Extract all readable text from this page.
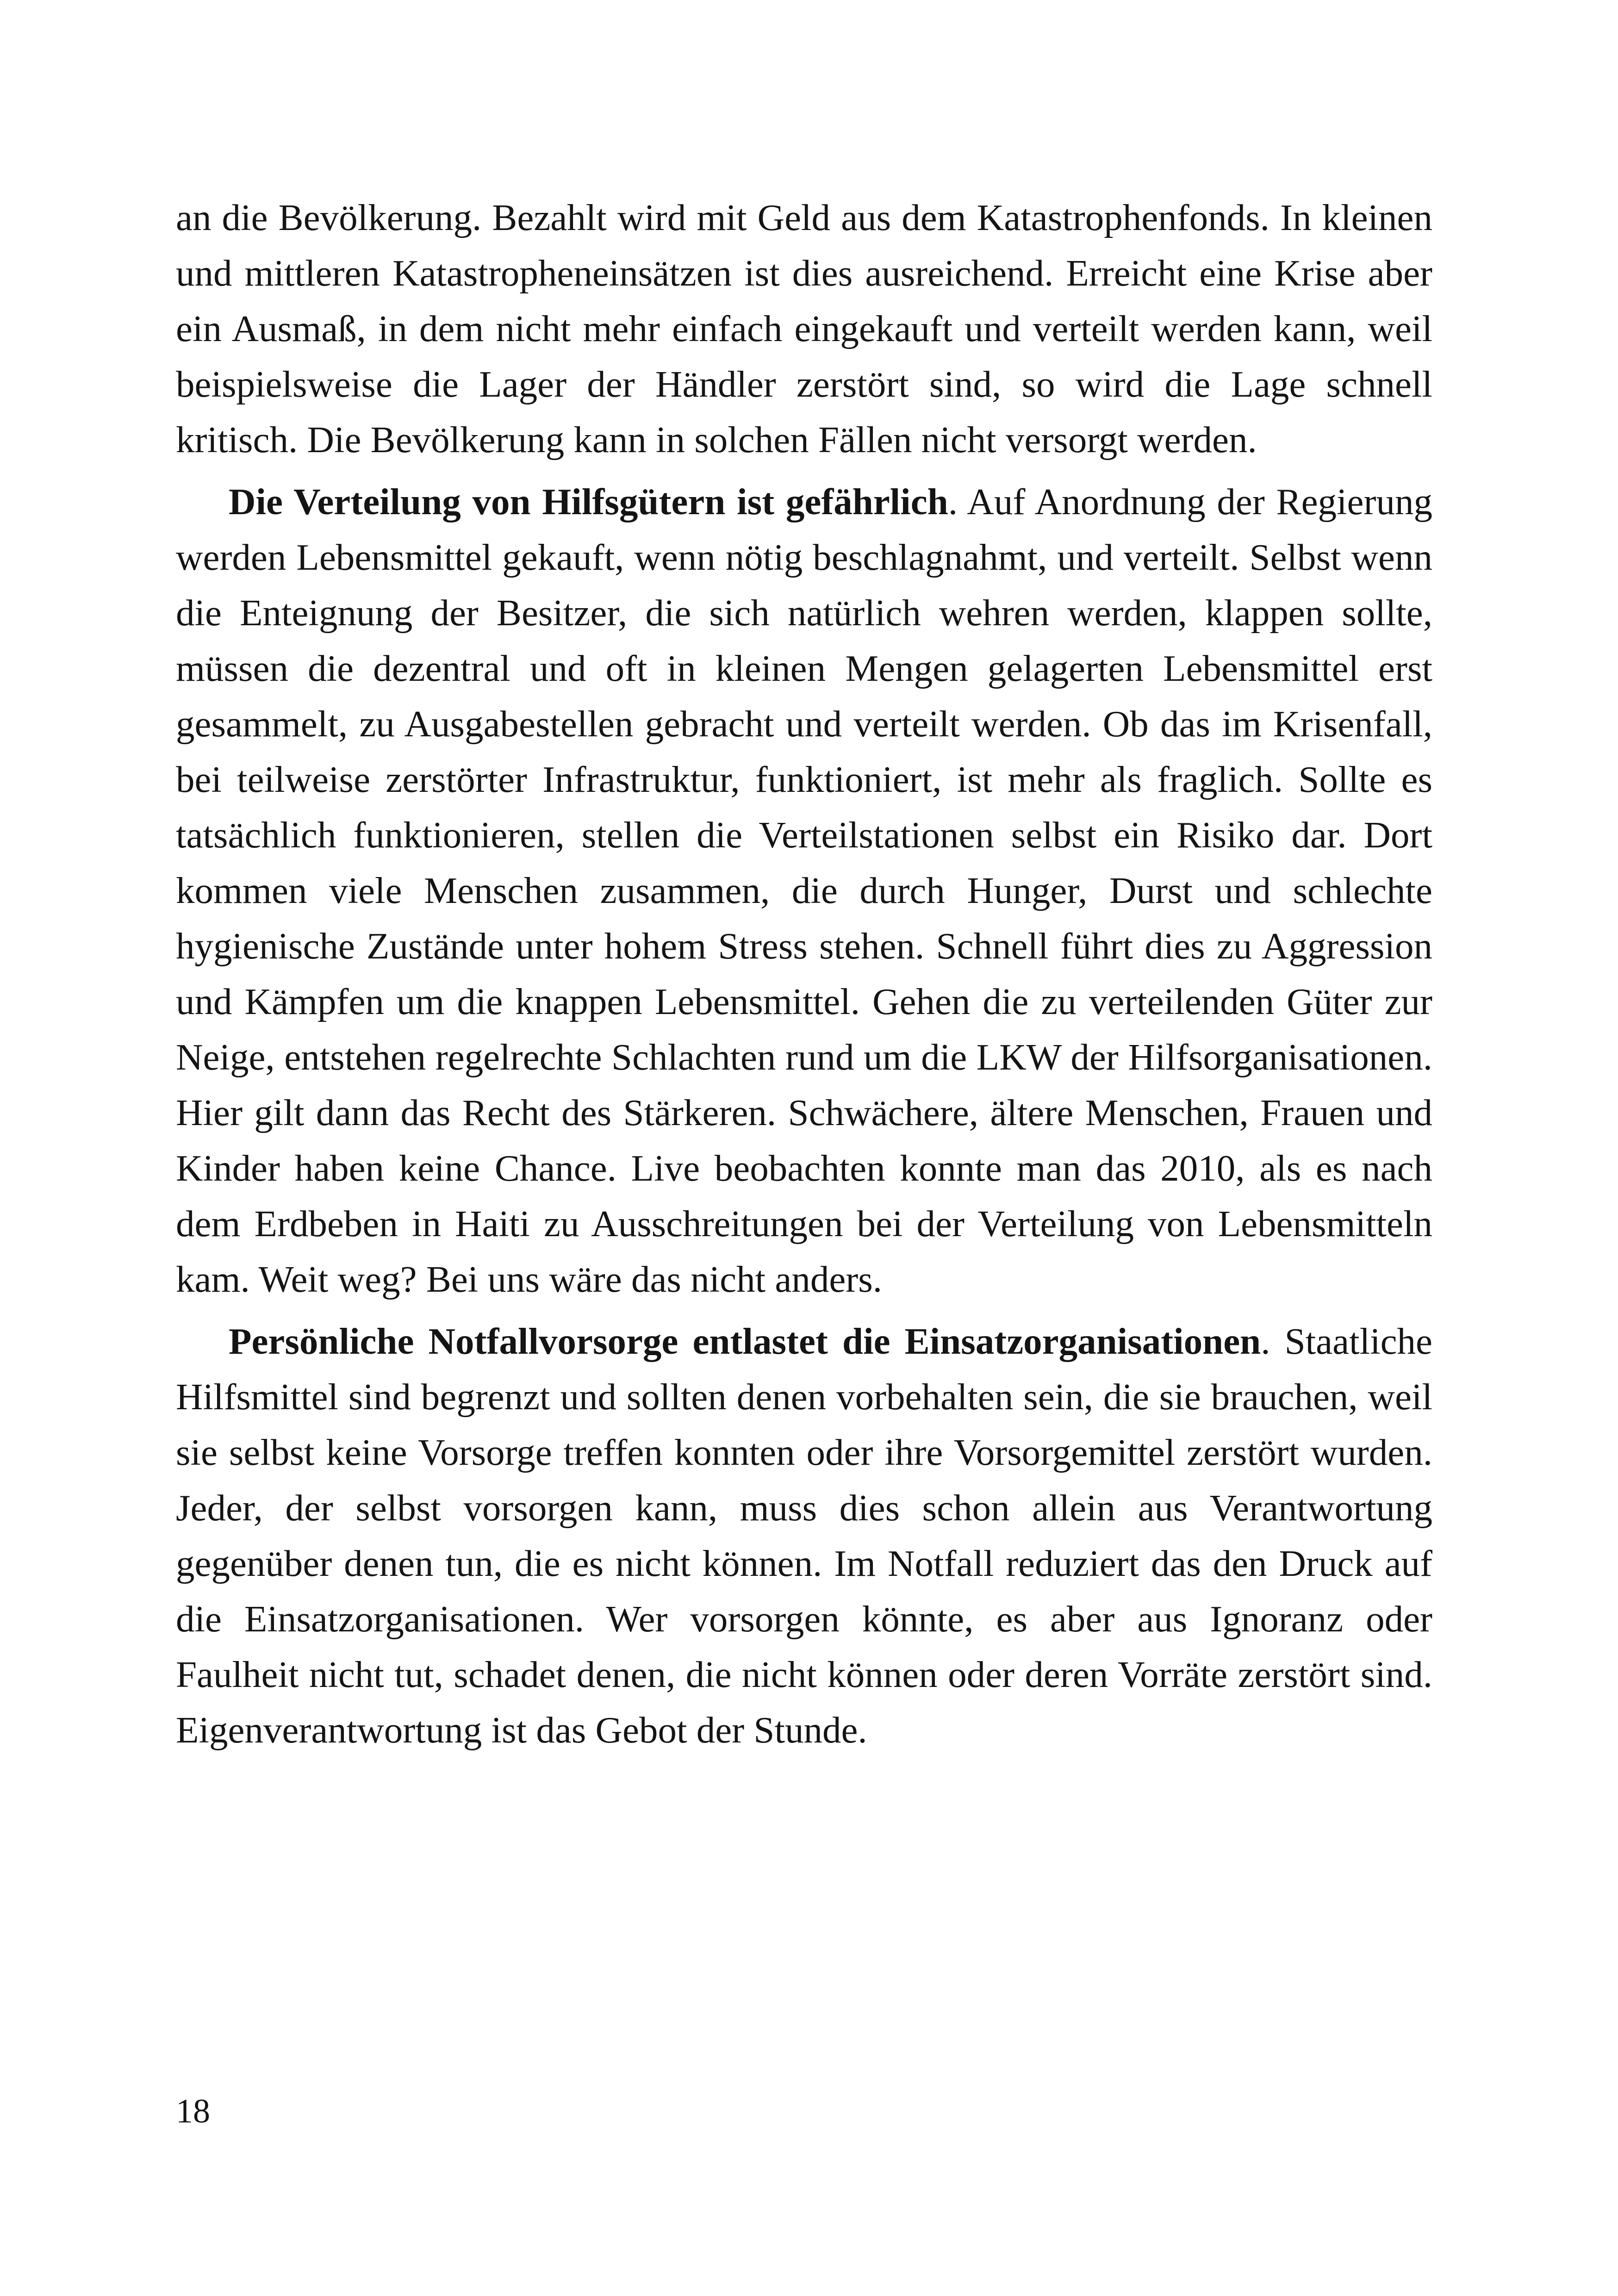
an die Bevölkerung. Bezahlt wird mit Geld aus dem Katastrophenfonds. In kleinen und mittleren Katastropheneinsätzen ist dies ausreichend. Erreicht eine Krise aber ein Ausmaß, in dem nicht mehr einfach eingekauft und verteilt werden kann, weil beispielsweise die Lager der Händler zerstört sind, so wird die Lage schnell kritisch. Die Bevölkerung kann in solchen Fällen nicht versorgt werden.

Die Verteilung von Hilfsgütern ist gefährlich. Auf Anordnung der Regierung werden Lebensmittel gekauft, wenn nötig beschlagnahmt, und verteilt. Selbst wenn die Enteignung der Besitzer, die sich natürlich wehren werden, klappen sollte, müssen die dezentral und oft in kleinen Mengen gelagerten Lebensmittel erst gesammelt, zu Ausgabestellen gebracht und verteilt werden. Ob das im Krisenfall, bei teilweise zerstörter Infrastruktur, funktioniert, ist mehr als fraglich. Sollte es tatsächlich funktionieren, stellen die Verteilstationen selbst ein Risiko dar. Dort kommen viele Menschen zusammen, die durch Hunger, Durst und schlechte hygienische Zustände unter hohem Stress stehen. Schnell führt dies zu Aggression und Kämpfen um die knappen Lebensmittel. Gehen die zu verteilenden Güter zur Neige, entstehen regelrechte Schlachten rund um die LKW der Hilfsorganisationen. Hier gilt dann das Recht des Stärkeren. Schwächere, ältere Menschen, Frauen und Kinder haben keine Chance. Live beobachten konnte man das 2010, als es nach dem Erdbeben in Haiti zu Ausschreitungen bei der Verteilung von Lebensmitteln kam. Weit weg? Bei uns wäre das nicht anders.

Persönliche Notfallvorsorge entlastet die Einsatzorganisationen. Staatliche Hilfsmittel sind begrenzt und sollten denen vorbehalten sein, die sie brauchen, weil sie selbst keine Vorsorge treffen konnten oder ihre Vorsorgemittel zerstört wurden. Jeder, der selbst vorsorgen kann, muss dies schon allein aus Verantwortung gegenüber denen tun, die es nicht können. Im Notfall reduziert das den Druck auf die Einsatzorganisationen. Wer vorsorgen könnte, es aber aus Ignoranz oder Faulheit nicht tut, schadet denen, die nicht können oder deren Vorräte zerstört sind. Eigenverantwortung ist das Gebot der Stunde.

18
